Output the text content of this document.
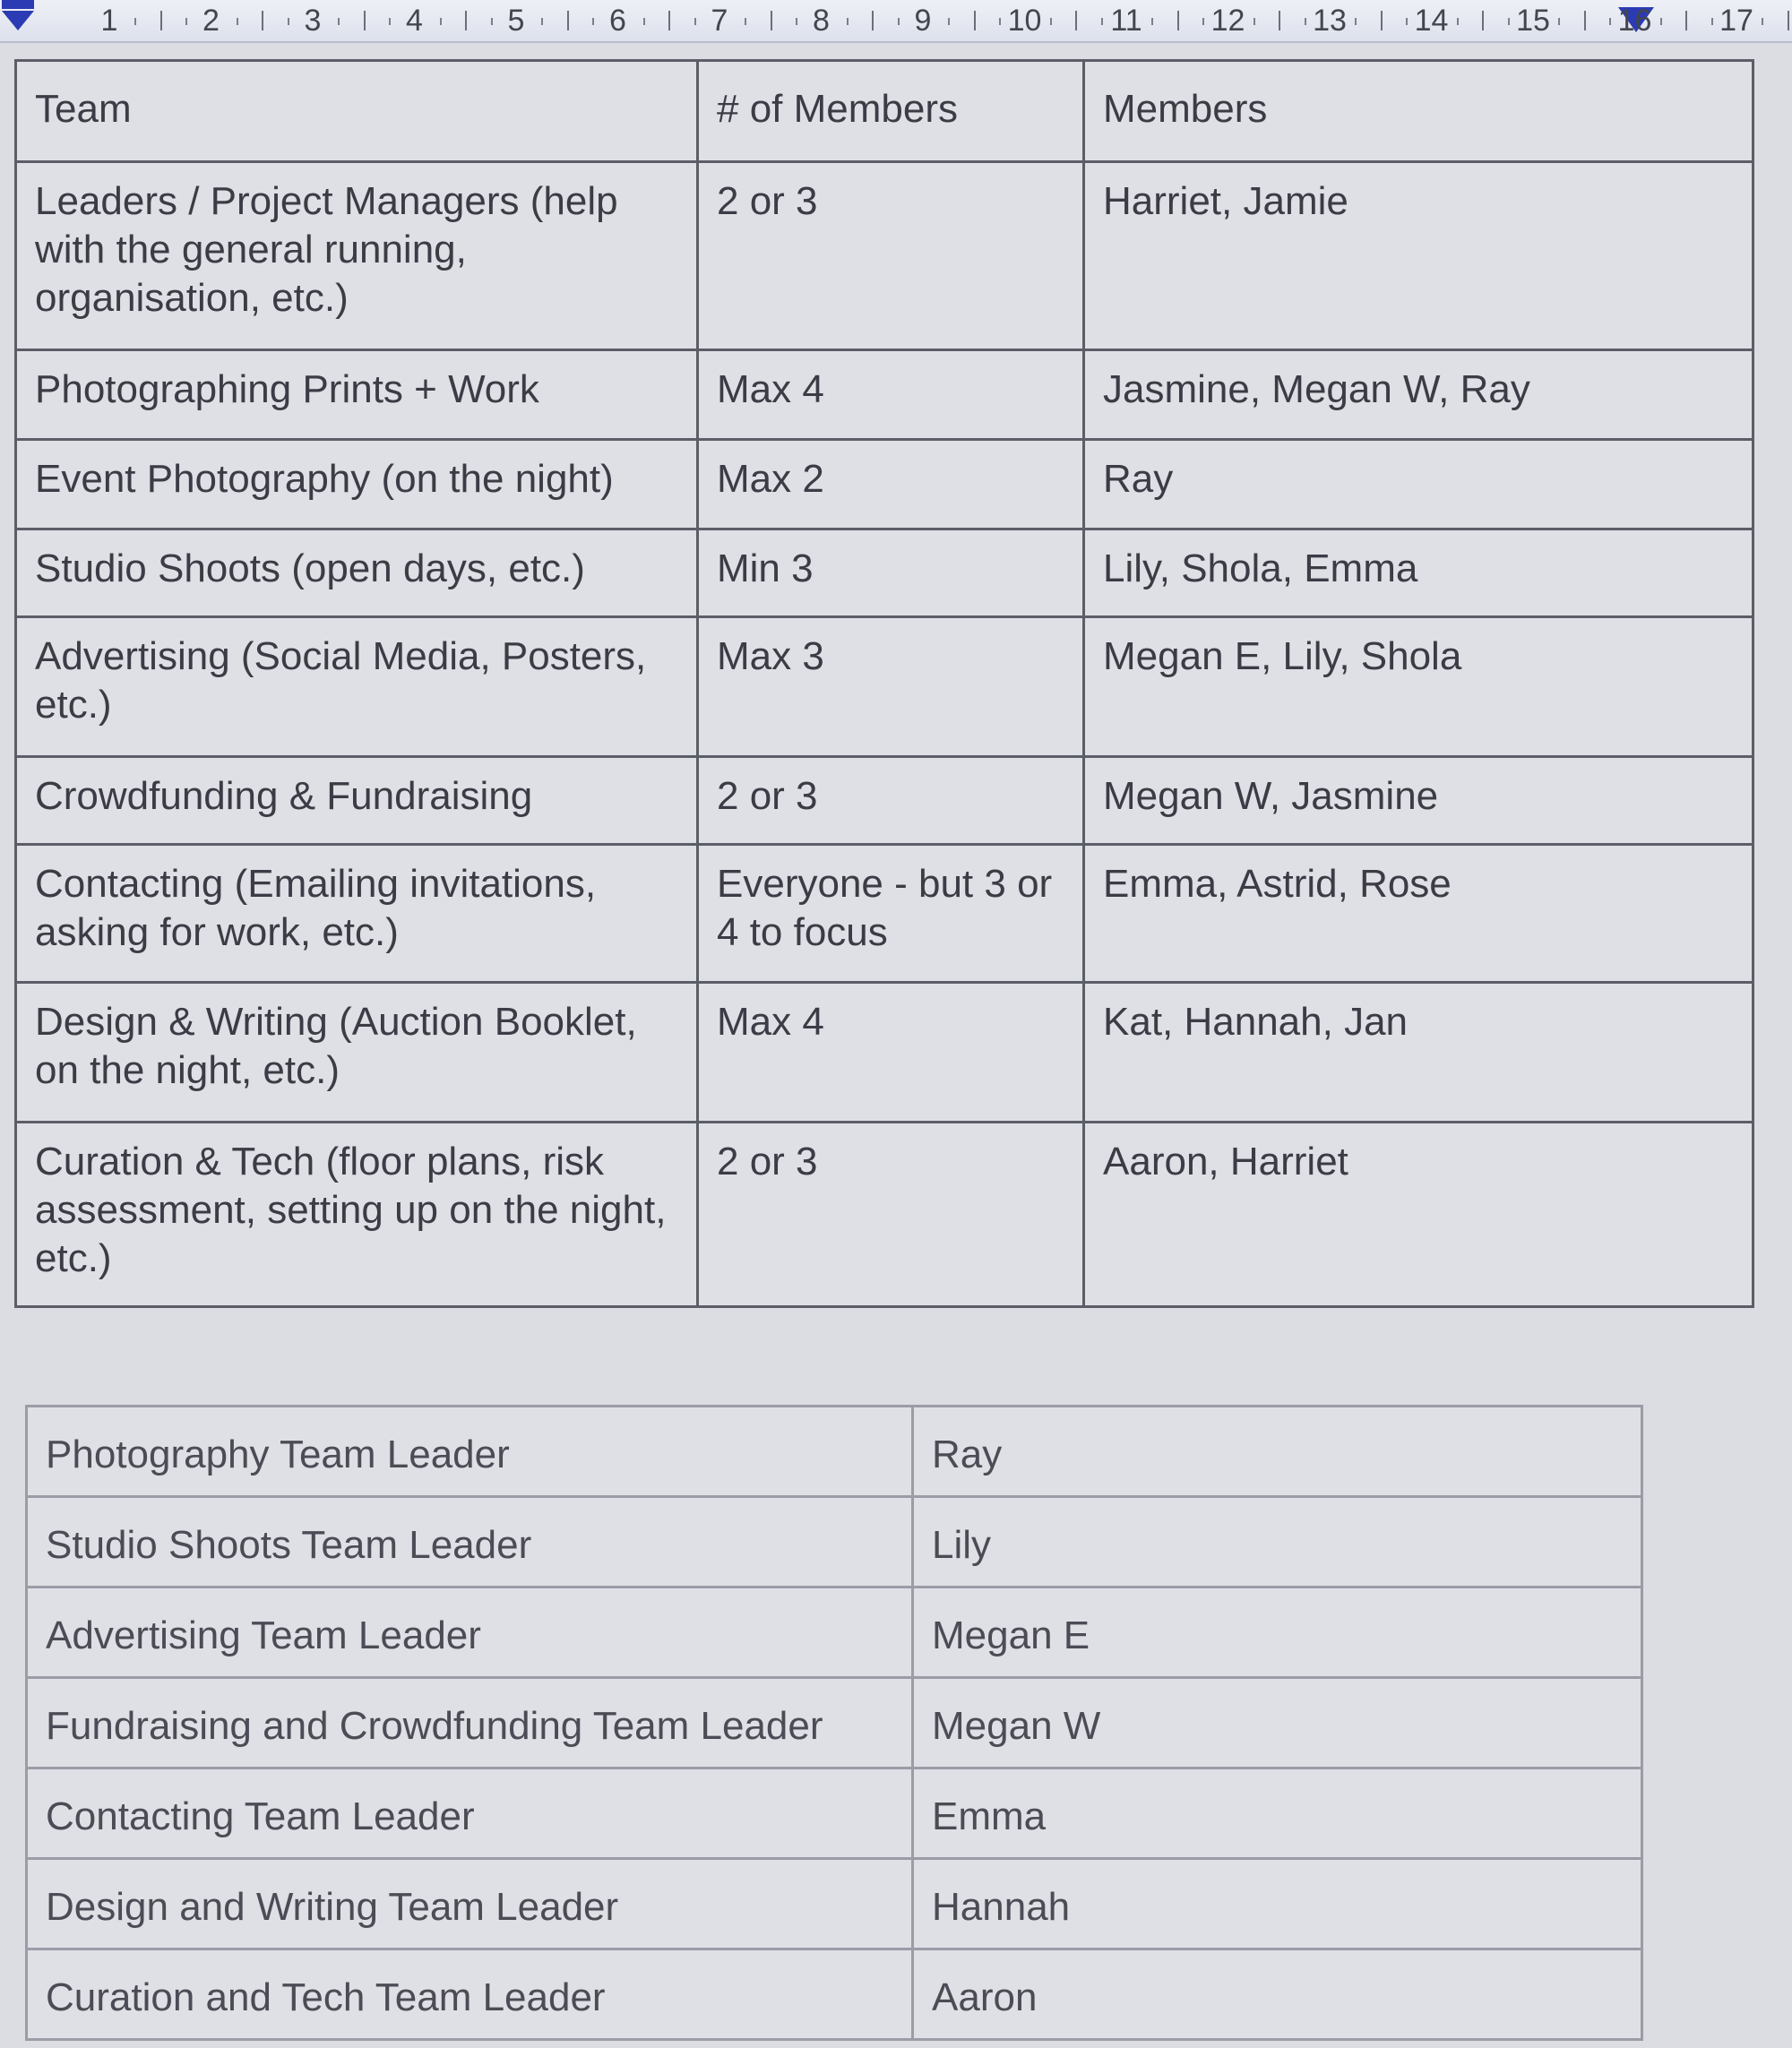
1	2	3	4	5	6	7	8	9	10	11	12	13	14	15	16	17
Team	# of Members	Members
Leaders / Project Managers (help with the general running, organisation, etc.)	2 or 3	Harriet, Jamie
Photographing Prints + Work	Max 4	Jasmine, Megan W, Ray
Event Photography (on the night)	Max 2	Ray
Studio Shoots (open days, etc.)	Min 3	Lily, Shola, Emma
Advertising (Social Media, Posters, etc.)	Max 3	Megan E, Lily, Shola
Crowdfunding & Fundraising	2 or 3	Megan W, Jasmine
Contacting (Emailing invitations, asking for work, etc.)	Everyone - but 3 or 4 to focus	Emma, Astrid, Rose
Design & Writing (Auction Booklet, on the night, etc.)	Max 4	Kat, Hannah, Jan
Curation & Tech (floor plans, risk assessment, setting up on the night, etc.)	2 or 3	Aaron, Harriet
Photography Team Leader	Ray
Studio Shoots Team Leader	Lily
Advertising Team Leader	Megan E
Fundraising and Crowdfunding Team Leader	Megan W
Contacting Team Leader	Emma
Design and Writing Team Leader	Hannah
Curation and Tech Team Leader	Aaron
